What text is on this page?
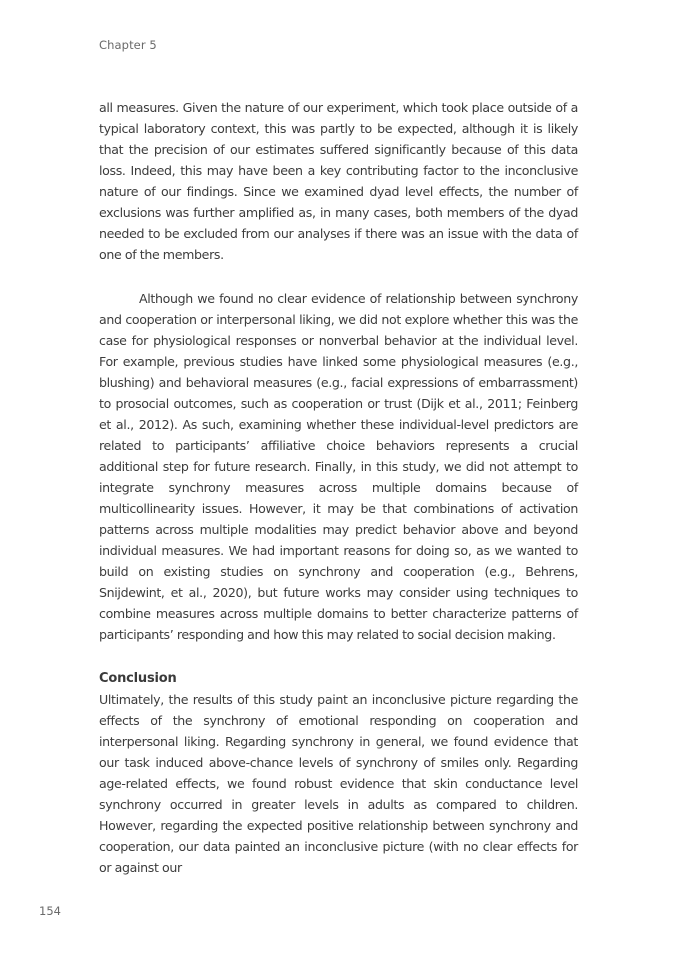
Chapter 5

all measures. Given the nature of our experiment, which took place outside of a typical laboratory context, this was partly to be expected, although it is likely that the precision of our estimates suffered significantly because of this data loss. Indeed, this may have been a key contributing factor to the inconclusive nature of our findings. Since we examined dyad level effects, the number of exclusions was further amplified as, in many cases, both members of the dyad needed to be excluded from our analyses if there was an issue with the data of one of the members.

Although we found no clear evidence of relationship between synchrony and cooperation or interpersonal liking, we did not explore whether this was the case for physiological responses or nonverbal behavior at the individual level. For example, previous studies have linked some physiological measures (e.g., blushing) and behavioral measures (e.g., facial expressions of embarrassment) to prosocial outcomes, such as cooperation or trust (Dijk et al., 2011; Feinberg et al., 2012). As such, examining whether these individual-level predictors are related to participants’ affiliative choice behaviors represents a crucial additional step for future research. Finally, in this study, we did not attempt to integrate synchrony measures across multiple domains because of multicollinearity issues. However, it may be that combinations of activation patterns across multiple modalities may predict behavior above and beyond individual measures. We had important reasons for doing so, as we wanted to build on existing studies on synchrony and cooperation (e.g., Behrens, Snijdewint, et al., 2020), but future works may consider using techniques to combine measures across multiple domains to better characterize patterns of participants’ responding and how this may related to social decision making.

Conclusion

Ultimately, the results of this study paint an inconclusive picture regarding the effects of the synchrony of emotional responding on cooperation and interpersonal liking. Regarding synchrony in general, we found evidence that our task induced above-chance levels of synchrony of smiles only. Regarding age-related effects, we found robust evidence that skin conductance level synchrony occurred in greater levels in adults as compared to children. However, regarding the expected positive relationship between synchrony and cooperation, our data painted an inconclusive picture (with no clear effects for or against our

154
